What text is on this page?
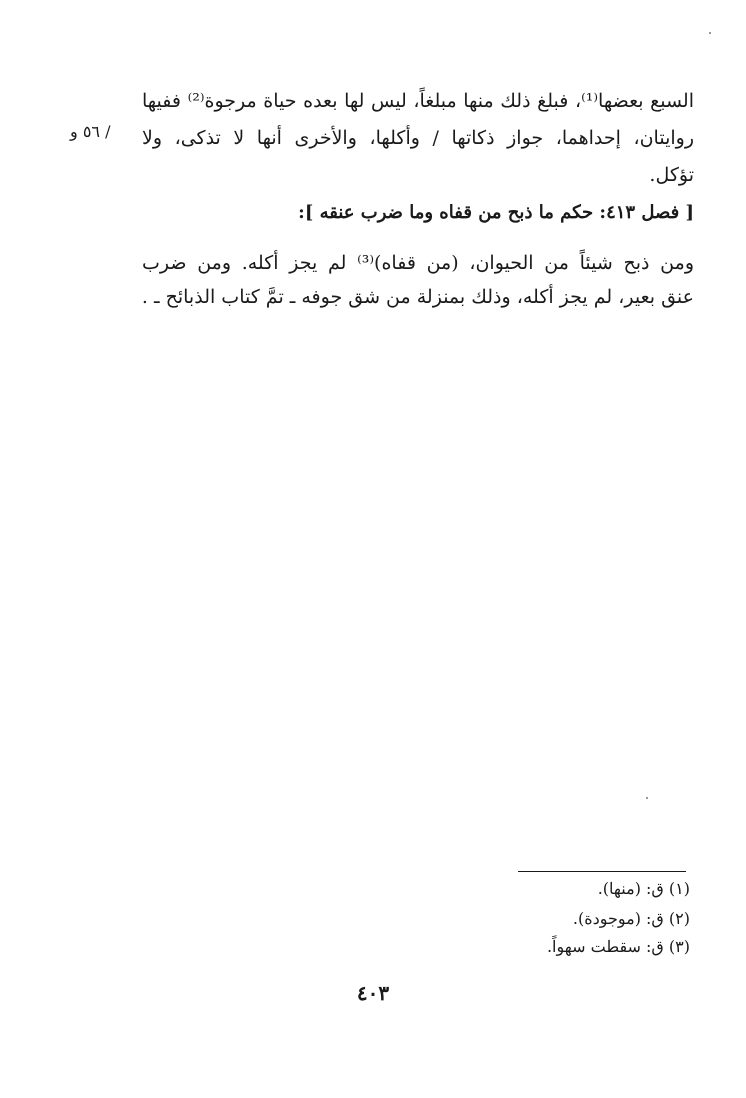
السبع بعضها⁽¹⁾، فبلغ ذلك منها مبلغاً، ليس لها بعده حياة مرجوة⁽²⁾ ففيها
روايتان، إحداهما، جواز ذكاتها / وأكلها، والأخرى أنها لا تذكى، ولا
تؤكل.
/ ٥٦ و
[ فصل ٤١٣: حكم ما ذبح من قفاه وما ضرب عنقه ]:
ومن ذبح شيئاً من الحيوان، (من قفاه)⁽³⁾ لم يجز أكله. ومن ضرب
عنق بعير، لم يجز أكله، وذلك بمنزلة من شق جوفه ـ تمَّ كتاب الذبائح ـ .
(١) ق: (منها).
(٢) ق: (موجودة).
(٣) ق: سقطت سهواً.
٤٠٣
